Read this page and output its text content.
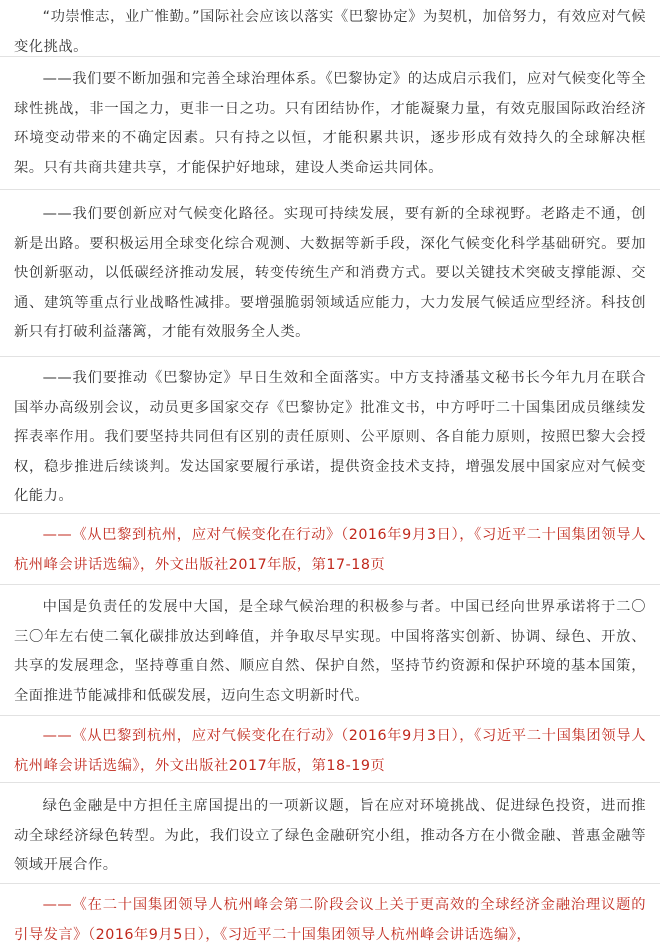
“功崇惟志，业广惟勤。”国际社会应该以落实《巴黎协定》为契机，加倍努力，有效应对气候变化挑战。

——我们要不断加强和完善全球治理体系。《巴黎协定》的达成启示我们，应对气候变化等全球性挑战，非一国之力，更非一日之功。只有团结协作，才能凝聚力量，有效克服国际政治经济环境变动带来的不确定因素。只有持之以恒，才能积累共识，逐步形成有效持久的全球解决框架。只有共商共建共享，才能保护好地球，建设人类命运共同体。

——我们要创新应对气候变化路径。实现可持续发展，要有新的全球视野。老路走不通，创新是出路。要积极运用全球变化综合观测、大数据等新手段，深化气候变化科学基础研究。要加快创新驱动，以低碳经济推动发展，转变传统生产和消费方式。要以关键技术突破支撑能源、交通、建筑等重点行业战略性减排。要增强脆弱领域适应能力，大力发展气候适应型经济。科技创新只有打破利益藩篱，才能有效服务全人类。

——我们要推动《巴黎协定》早日生效和全面落实。中方支持潘基文秘书长今年九月在联合国举办高级别会议，动员更多国家交存《巴黎协定》批准文书，中方呼吁二十国集团成员继续发挥表率作用。我们要坚持共同但有区别的责任原则、公平原则、各自能力原则，按照巴黎大会授权，稳步推进后续谈判。发达国家要履行承诺，提供资金技术支持，增强发展中国家应对气候变化能力。

——《从巴黎到杭州，应对气候变化在行动》（2016年9月3日），《习近平二十国集团领导人杭州峰会讲话选编》，外文出版社2017年版，第17-18页

中国是负责任的发展中大国，是全球气候治理的积极参与者。中国已经向世界承诺将于二〇三〇年左右使二氧化碳排放达到峰值，并争取尽早实现。中国将落实创新、协调、绿色、开放、共享的发展理念，坚持尊重自然、顺应自然、保护自然，坚持节约资源和保护环境的基本国策，全面推进节能减排和低碳发展，迈向生态文明新时代。

——《从巴黎到杭州，应对气候变化在行动》（2016年9月3日），《习近平二十国集团领导人杭州峰会讲话选编》，外文出版社2017年版，第18-19页

绿色金融是中方担任主席国提出的一项新议题，旨在应对环境挑战、促进绿色投资，进而推动全球经济绿色转型。为此，我们设立了绿色金融研究小组，推动各方在小微金融、普惠金融等领域开展合作。

——《在二十国集团领导人杭州峰会第二阶段会议上关于更高效的全球经济金融治理议题的引导发言》（2016年9月5日），《习近平二十国集团领导人杭州峰会讲话选编》，
